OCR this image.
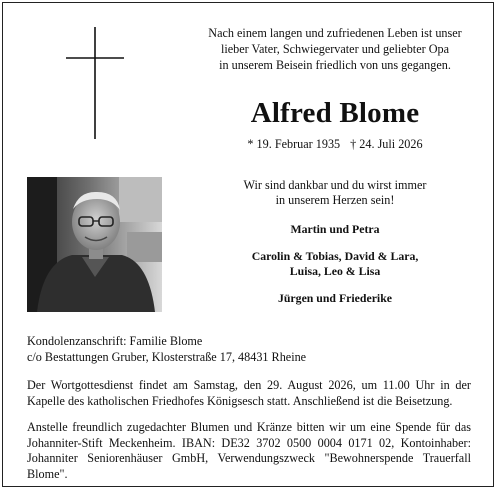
Nach einem langen und zufriedenen Leben ist unser
lieber Vater, Schwiegervater und geliebter Opa
in unserem Beisein friedlich von uns gegangen.
Alfred Blome
* 19. Februar 1935 † 24. Juli 2026
Wir sind dankbar und du wirst immer
in unserem Herzen sein!
Martin und Petra
Carolin & Tobias, David & Lara,
Luisa, Leo & Lisa
Jürgen und Friederike
Kondolenzanschrift: Familie Blome
c/o Bestattungen Gruber, Klosterstraße 17, 48431 Rheine
Der Wortgottesdienst findet am Samstag, den 29. August 2026, um 11.00 Uhr in der
Kapelle des katholischen Friedhofes Königsesch statt. Anschließend ist die Beisetzung.
Anstelle freundlich zugedachter Blumen und Kränze bitten wir um eine Spende für das
Johanniter-Stift Meckenheim. IBAN: DE32 3702 0500 0004 0171 02, Kontoinhaber:
Johanniter Seniorenhäuser GmbH, Verwendungszweck "Bewohnerspende Trauerfall Blome".
